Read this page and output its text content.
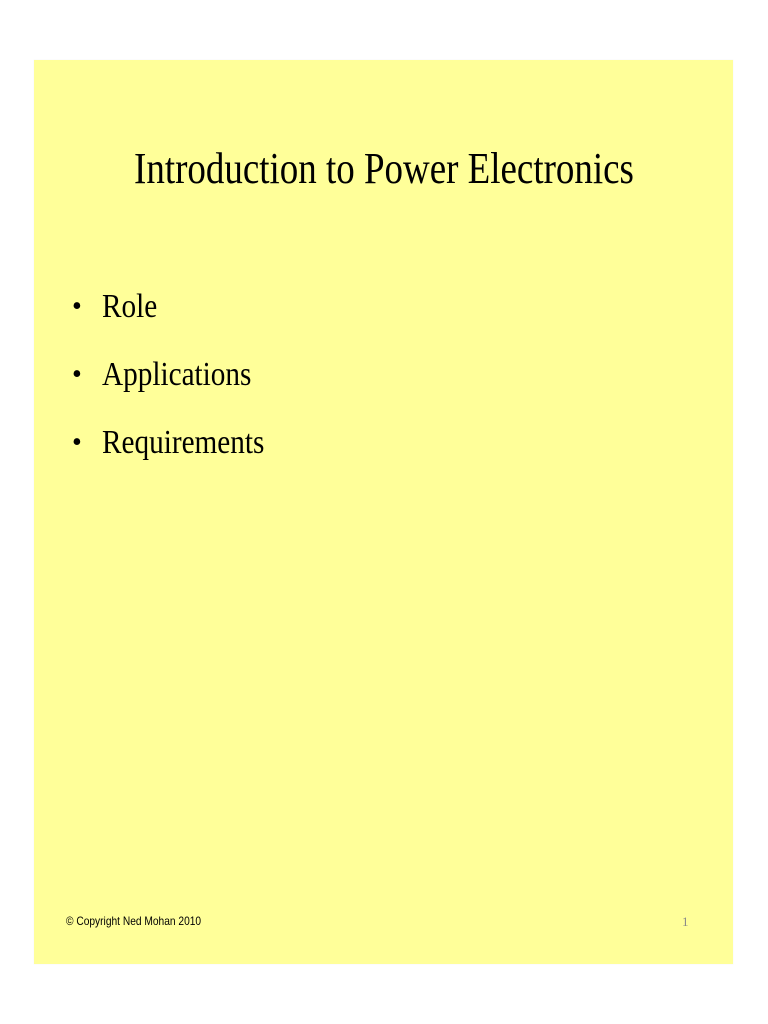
Introduction to Power Electronics
• Role
• Applications
• Requirements
© Copyright Ned Mohan 2010	1
